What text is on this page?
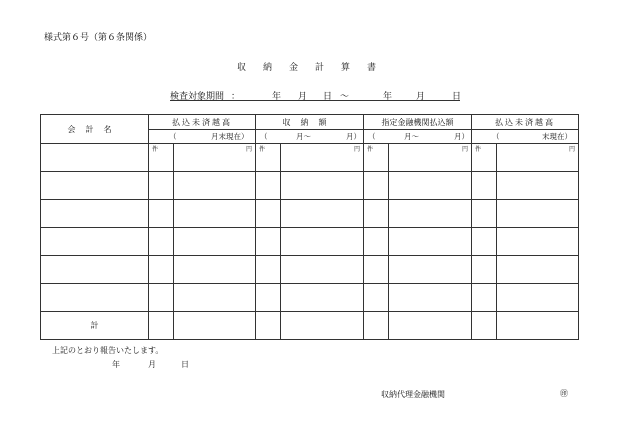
様式第６号（第６条関係）
収納金計算書
検査対象期間 ：	年 月 日 ～	年	月	日
会計名	払込未済越高		収納額		指定金融機関払込額		払込未済越高	

	（ 月末現在）		（ 月～ 月）		（ 月～ 月）		（ 末現在）	

	件	円	件	円	件	円	件	円

計								
上記のとおり報告いたします。
年	月	日
収納代理金融機関	㊞
